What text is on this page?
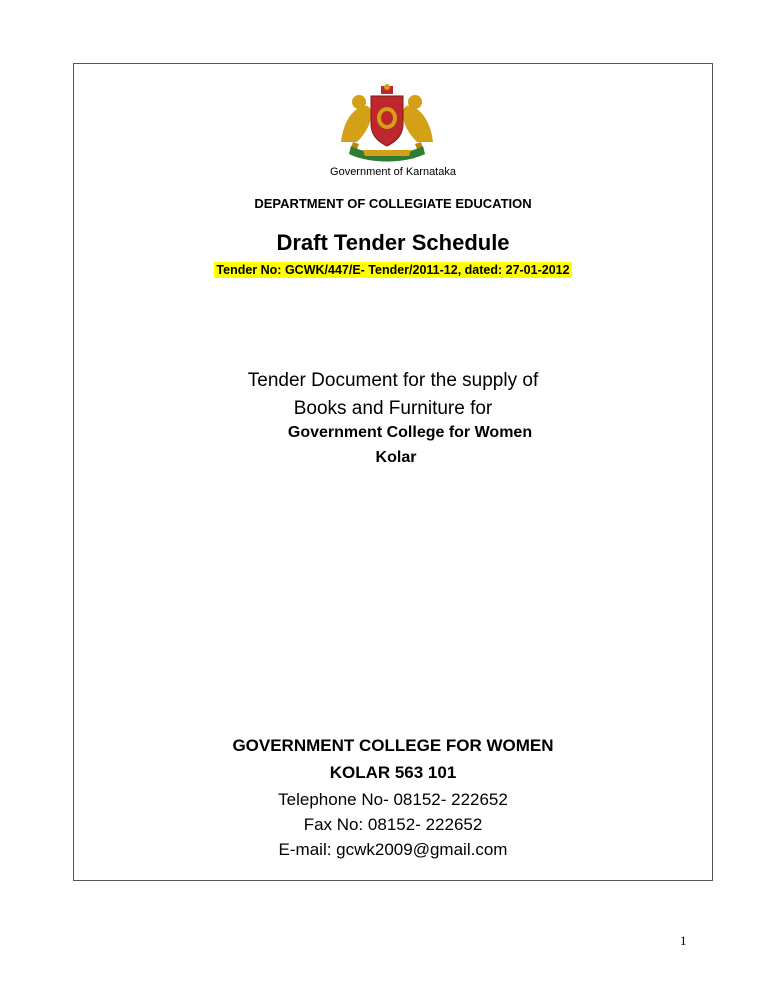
Government of Karnataka
DEPARTMENT OF COLLEGIATE EDUCATION
Draft Tender Schedule
Tender No: GCWK/447/E- Tender/2011-12, dated: 27-01-2012
Tender Document for the supply of
Books and Furniture for
Government College for Women
Kolar
GOVERNMENT COLLEGE FOR WOMEN
KOLAR 563 101
Telephone No- 08152- 222652
Fax No: 08152- 222652
E-mail: gcwk2009@gmail.com
1
